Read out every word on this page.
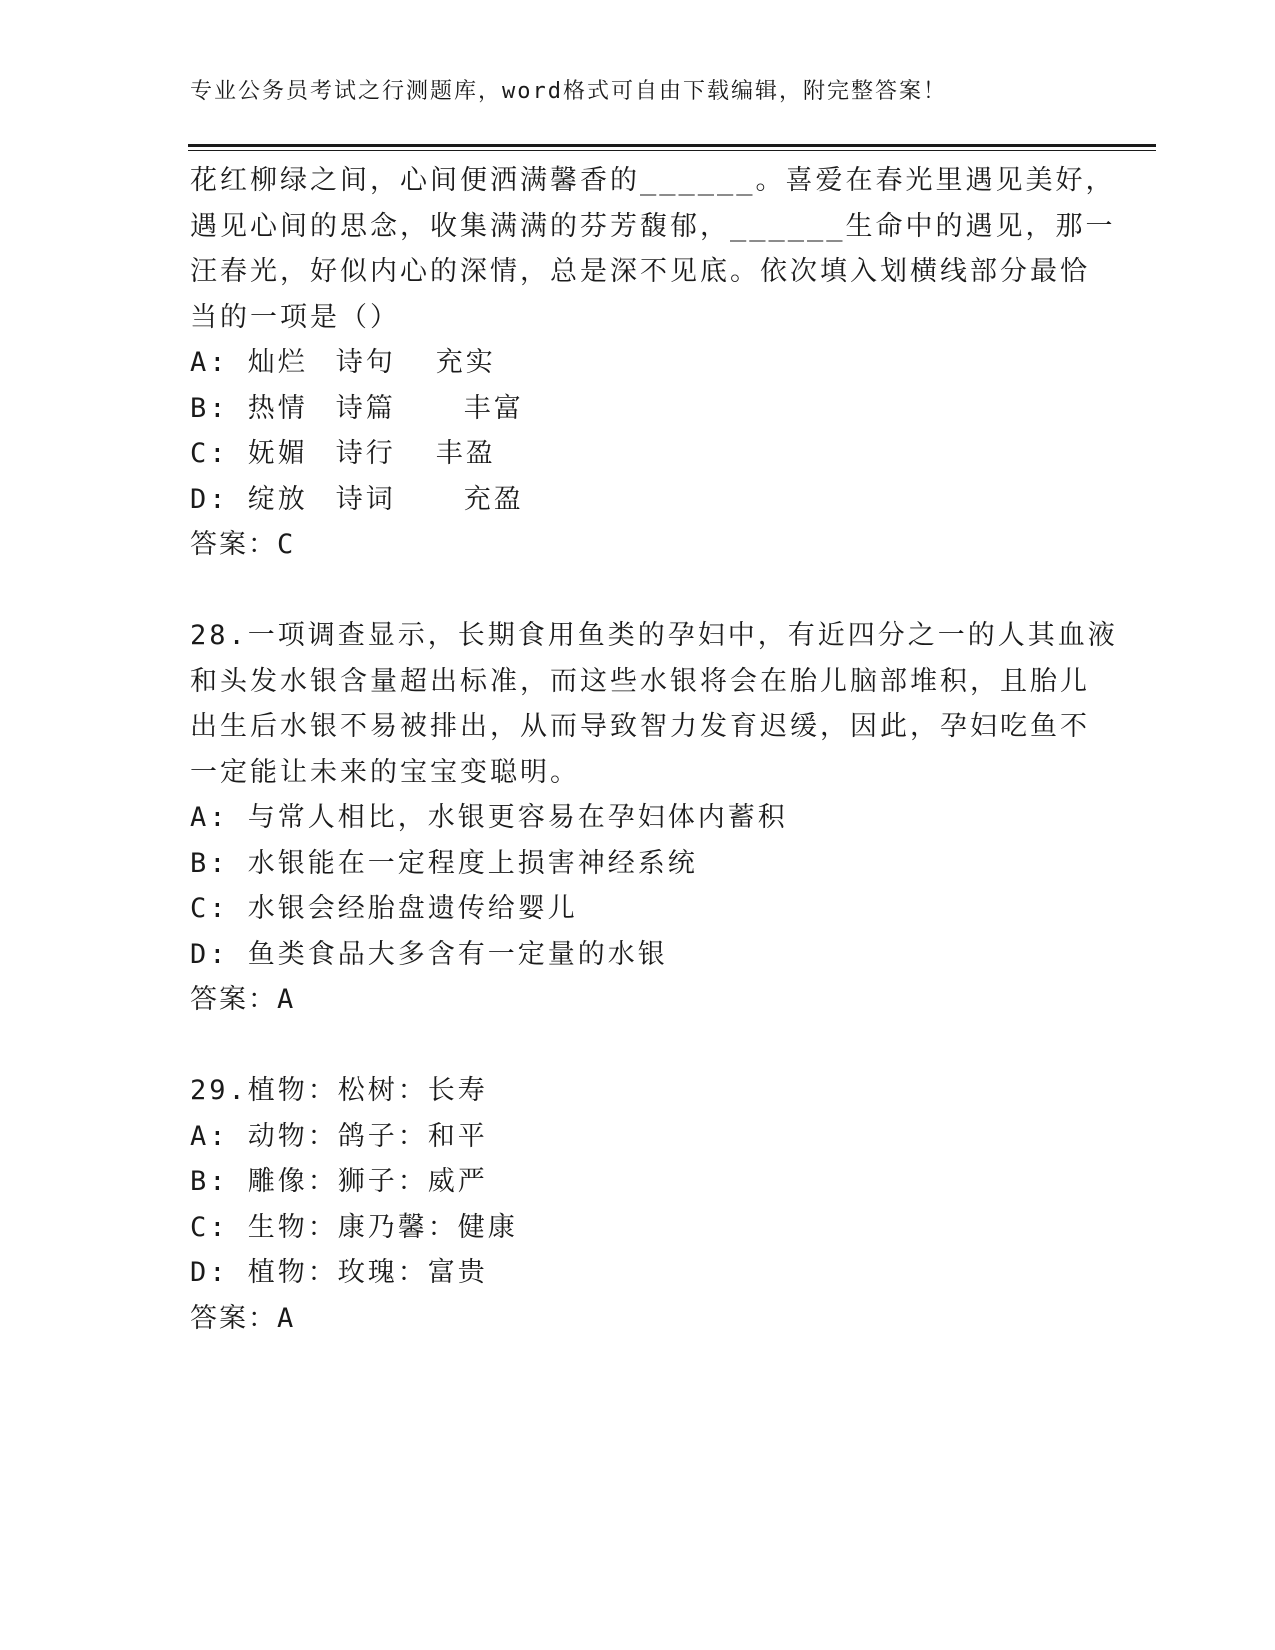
专业公务员考试之行测题库，word格式可自由下载编辑，附完整答案！
花红柳绿之间，心间便洒满馨香的______。喜爱在春光里遇见美好，
遇见心间的思念，收集满满的芬芳馥郁，______生命中的遇见，那一
汪春光，好似内心的深情，总是深不见底。依次填入划横线部分最恰
当的一项是（）
A: 灿烂 诗句 充实
B: 热情 诗篇	丰富
C: 妩媚 诗行 丰盈
D: 绽放 诗词	充盈
答案：C
28.一项调查显示，长期食用鱼类的孕妇中，有近四分之一的人其血液
和头发水银含量超出标准，而这些水银将会在胎儿脑部堆积，且胎儿
出生后水银不易被排出，从而导致智力发育迟缓，因此，孕妇吃鱼不
一定能让未来的宝宝变聪明。
A: 与常人相比，水银更容易在孕妇体内蓄积
B: 水银能在一定程度上损害神经系统
C: 水银会经胎盘遗传给婴儿
D: 鱼类食品大多含有一定量的水银
答案：A
29.植物：松树：长寿
A: 动物：鸽子：和平
B: 雕像：狮子：威严
C: 生物：康乃馨：健康
D: 植物：玫瑰：富贵
答案：A
